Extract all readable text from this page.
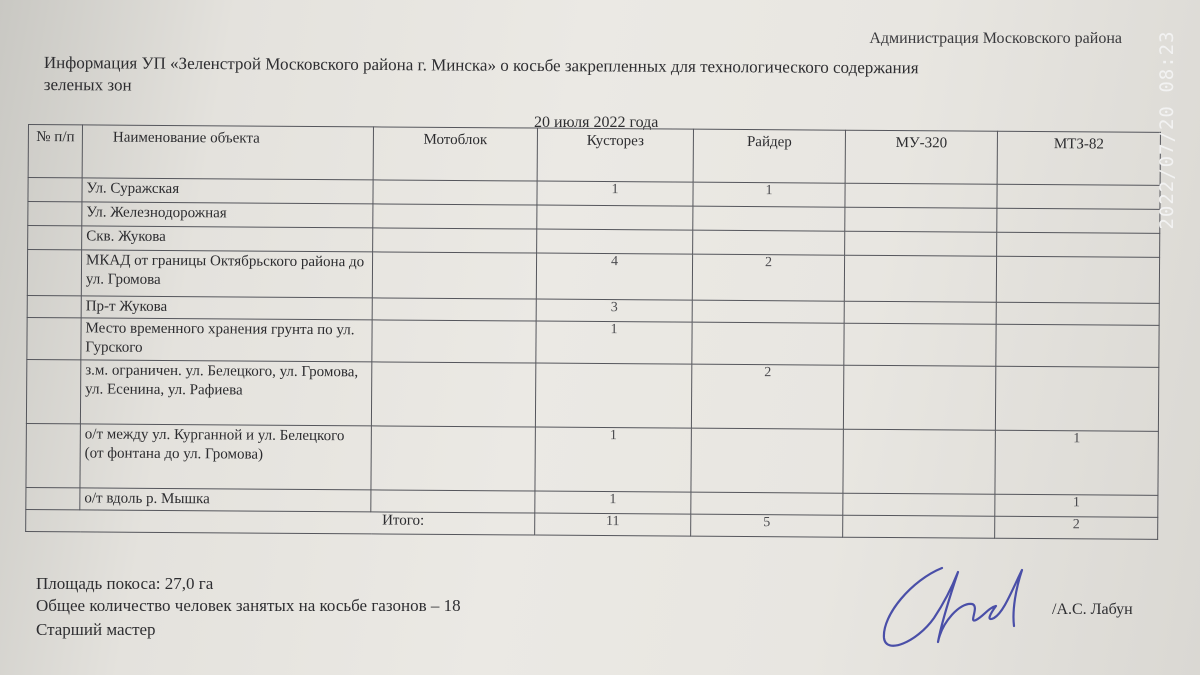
Администрация Московского района
Информация УП «Зеленстрой Московского района г. Минска» о косьбе закрепленных для технологического содержания
зеленых зон
20 июля 2022 года
№ п/п	Наименование объекта	Мотоблок	Кусторез	Райдер	МУ-320	МТЗ-82
	Ул. Суражская		1	1		
	Ул. Железнодорожная					
	Скв. Жукова					
	МКАД от границы Октябрьского района до ул. Громова		4	2		
	Пр-т Жукова		3			
	Место временного хранения грунта по ул. Гурского		1			
	з.м. ограничен. ул. Белецкого, ул. Громова, ул. Есенина, ул. Рафиева			2		
	о/т между ул. Курганной и ул. Белецкого (от фонтана до ул. Громова)		1			1
	о/т вдоль р. Мышка		1			1
Итого:			11	5		2
Площадь покоса: 27,0 га
Общее количество человек занятых на косьбе газонов – 18
Старший мастер
/А.С. Лабун
2022/07/20 08:23
